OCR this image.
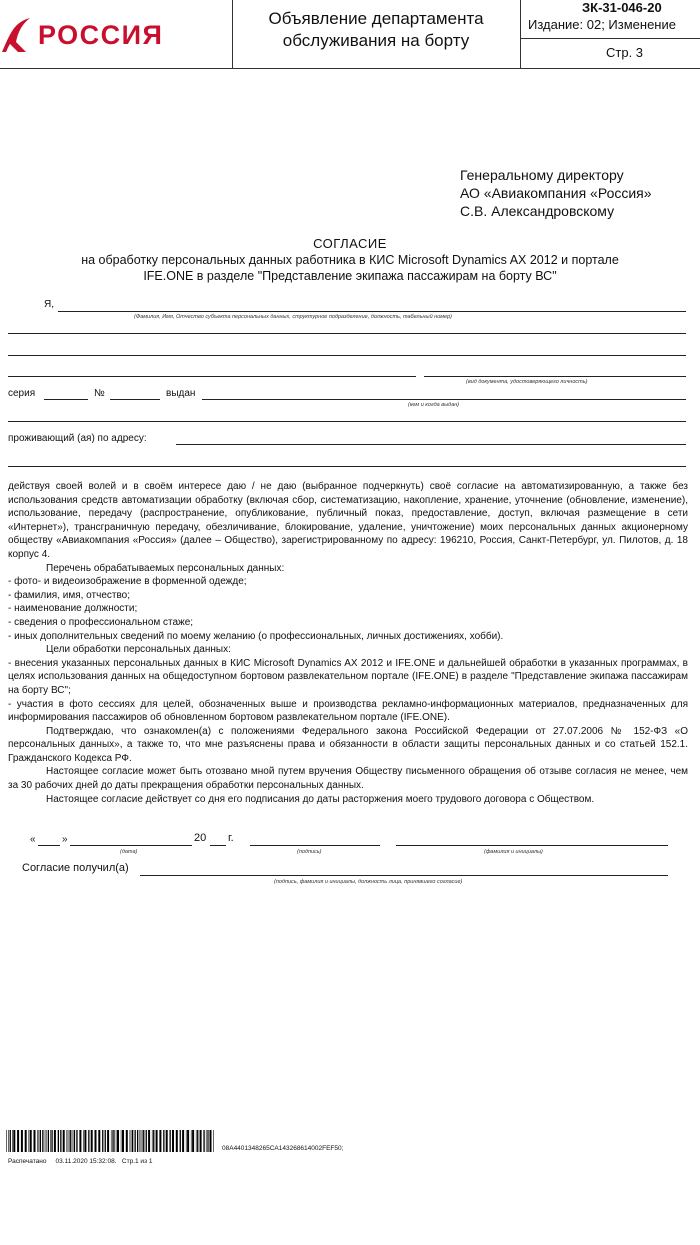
РОССИЯ
Объявление департамента
обслуживания на борту
ЗК-31-046-20
Издание: 02; Изменение
Стр. 3
Генеральному директору
АО «Авиакомпания «Россия»
С.В. Александровскому
СОГЛАСИЕ
на обработку персональных данных работника в КИС Microsoft Dynamics AX 2012 и портале
IFE.ONE в разделе "Представление экипажа пассажирам на борту ВС"
Я,
(Фамилия, Имя, Отчество субъекта персональных данных, структурное подразделение, должность, табельный номер)
(вид документа, удостоверяющего личность)
серия	№	выдан
(кем и когда выдан)
проживающий (ая) по адресу:

действуя своей волей и в своём интересе даю / не даю (выбранное подчеркнуть) своё согласие на автоматизированную, а также без использования средств автоматизации обработку (включая сбор, систематизацию, накопление, хранение, уточнение (обновление, изменение), использование, передачу (распространение, опубликование, публичный показ, предоставление, доступ, включая размещение в сети «Интернет»), трансграничную передачу, обезличивание, блокирование, удаление, уничтожение) моих персональных данных акционерному обществу «Авиакомпания «Россия» (далее – Общество), зарегистрированному по адресу: 196210, Россия, Санкт-Петербург, ул. Пилотов, д. 18 корпус 4.

Перечень обрабатываемых персональных данных:

- фото- и видеоизображение в форменной одежде;

- фамилия, имя, отчество;

- наименование должности;

- сведения о профессиональном стаже;

- иных дополнительных сведений по моему желанию (о профессиональных, личных достижениях, хобби).

Цели обработки персональных данных:

- внесения указанных персональных данных в КИС Microsoft Dynamics AX 2012 и IFE.ONE и дальнейшей обработки в указанных программах, в целях использования данных на общедоступном бортовом развлекательном портале (IFE.ONE) в разделе "Представление экипажа пассажирам на борту ВС";

- участия в фото сессиях для целей, обозначенных выше и производства рекламно-информационных материалов, предназначенных для информирования пассажиров об обновленном бортовом развлекательном портале (IFE.ONE).

Подтверждаю, что ознакомлен(а) с положениями Федерального закона Российской Федерации от 27.07.2006 № 152-ФЗ «О персональных данных», а также то, что мне разъяснены права и обязанности в области защиты персональных данных и со статьей 152.1. Гражданского Кодекса РФ.

Настоящее согласие может быть отозвано мной путем вручения Обществу письменного обращения об отзыве согласия не менее, чем за 30 рабочих дней до даты прекращения обработки персональных данных.

Настоящее согласие действует со дня его подписания до даты расторжения моего трудового договора с Обществом.

«	»	20 г.
(дата)	(подпись)	(фамилия и инициалы)
Согласие получил(а)
(подпись, фамилия и инициалы, должность лица, принявшего согласие)
08A4401348265CA143268614002FEF50;
Распечатано 03.11.2020 15:32:08. Стр.1 из 1
